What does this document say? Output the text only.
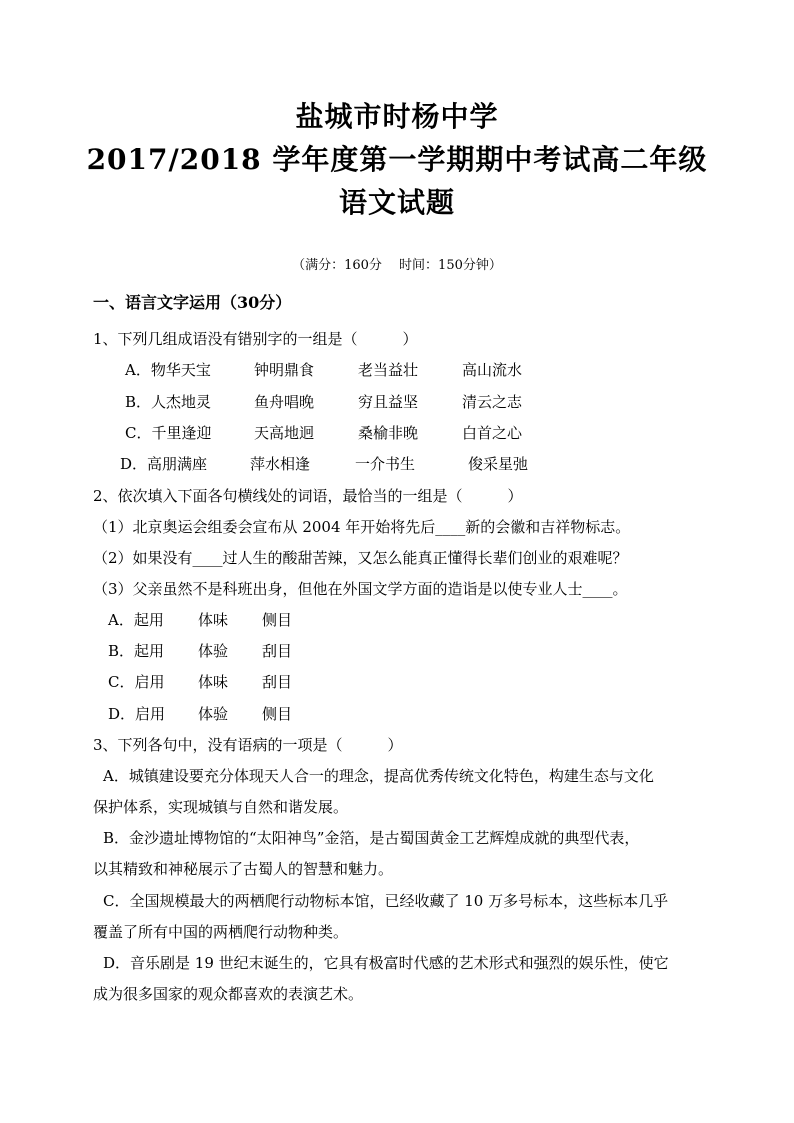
盐城市时杨中学
2017/2018 学年度第一学期期中考试高二年级
语文试题
（满分：160分　 时间：150分钟）
一、语言文字运用（30分）
1、下列几组成语没有错别字的一组是（　　　）
A．物华天宝	钟明鼎食	老当益壮	高山流水
B．人杰地灵	鱼舟唱晚	穷且益坚	清云之志
C．千里逢迎	天高地迥	桑榆非晚	白首之心
D．高朋满座	萍水相逢	一介书生	俊采星弛
2、依次填入下面各句横线处的词语，最恰当的一组是（　　　）
（1）北京奥运会组委会宣布从 2004 年开始将先后____新的会徽和吉祥物标志。
（2）如果没有____过人生的酸甜苦辣，又怎么能真正懂得长辈们创业的艰难呢？
（3）父亲虽然不是科班出身，但他在外国文学方面的造诣是以使专业人士____。
A．起用 体味 侧目
B．起用 体验 刮目
C．启用 体味 刮目
D．启用 体验 侧目
3、下列各句中，没有语病的一项是（　　　）
A．城镇建设要充分体现天人合一的理念，提高优秀传统文化特色，构建生态与文化
保护体系，实现城镇与自然和谐发展。
B．金沙遗址博物馆的“太阳神鸟”金箔，是古蜀国黄金工艺辉煌成就的典型代表，
以其精致和神秘展示了古蜀人的智慧和魅力。
C．全国规模最大的两栖爬行动物标本馆，已经收藏了 10 万多号标本，这些标本几乎
覆盖了所有中国的两栖爬行动物种类。
D．音乐剧是 19 世纪末诞生的，它具有极富时代感的艺术形式和强烈的娱乐性，使它
成为很多国家的观众都喜欢的表演艺术。
